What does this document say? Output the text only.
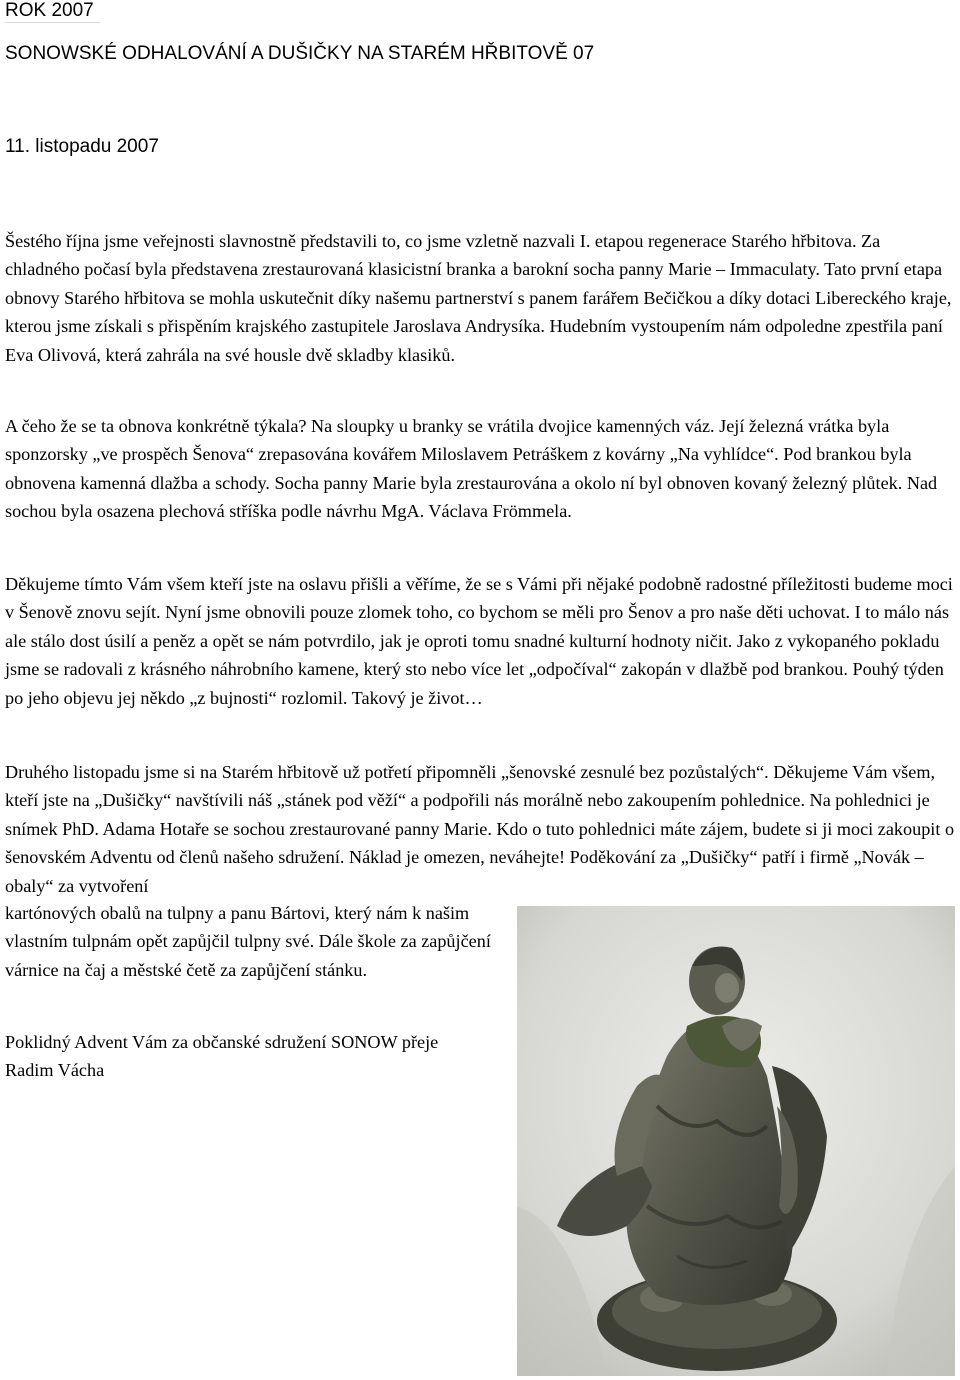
ROK 2007
SONOWSKÉ ODHALOVÁNÍ A DUŠIČKY NA STARÉM HŘBITOVĚ 07
11. listopadu 2007

Šestého října jsme veřejnosti slavnostně představili to, co jsme vzletně nazvali I. etapou regenerace Starého hřbitova. Za chladného počasí byla představena zrestaurovaná klasicistní branka a barokní socha panny Marie – Immaculaty. Tato první etapa obnovy Starého hřbitova se mohla uskutečnit díky našemu partnerství s panem farářem Bečičkou a díky dotaci Libereckého kraje, kterou jsme získali s přispěním krajského zastupitele Jaroslava Andrysíka. Hudebním vystoupením nám odpoledne zpestřila paní Eva Olivová, která zahrála na své housle dvě skladby klasiků.

A čeho že se ta obnova konkrétně týkala? Na sloupky u branky se vrátila dvojice kamenných váz. Její železná vrátka byla sponzorsky „ve prospěch Šenova“ zrepasována kovářem Miloslavem Petráškem z kovárny „Na vyhlídce“. Pod brankou byla obnovena kamenná dlažba a schody. Socha panny Marie byla zrestaurována a okolo ní byl obnoven kovaný železný plůtek. Nad sochou byla osazena plechová stříška podle návrhu MgA. Václava Frömmela.

Děkujeme tímto Vám všem kteří jste na oslavu přišli a věříme, že se s Vámi při nějaké podobně radostné příležitosti budeme moci v Šenově znovu sejít. Nyní jsme obnovili pouze zlomek toho, co bychom se měli pro Šenov a pro naše děti uchovat. I to málo nás ale stálo dost úsilí a peněz a opět se nám potvrdilo, jak je oproti tomu snadné kulturní hodnoty ničit. Jako z vykopaného pokladu jsme se radovali z krásného náhrobního kamene, který sto nebo více let „odpočíval“ zakopán v dlažbě pod brankou. Pouhý týden po jeho objevu jej někdo „z bujnosti“ rozlomil. Takový je život…

Druhého listopadu jsme si na Starém hřbitově už potřetí připomněli „šenovské zesnulé bez pozůstalých“. Děkujeme Vám všem, kteří jste na „Dušičky“ navštívili náš „stánek pod věží“ a podpořili nás morálně nebo zakoupením pohlednice. Na pohlednici je snímek PhD. Adama Hotaře se sochou zrestaurované panny Marie. Kdo o tuto pohlednici máte zájem, budete si ji moci zakoupit o šenovském Adventu od členů našeho sdružení. Náklad je omezen, neváhejte! Poděkování za „Dušičky“ patří i firmě „Novák – obaly“ za vytvoření

kartónových obalů na tulpny a panu Bártovi, který nám k našim vlastním tulpnám opět zapůjčil tulpny své. Dále škole za zapůjčení várnice na čaj a městské četě za zapůjčení stánku.

Poklidný Advent Vám za občanské sdružení SONOW přeje
Radim Vácha
